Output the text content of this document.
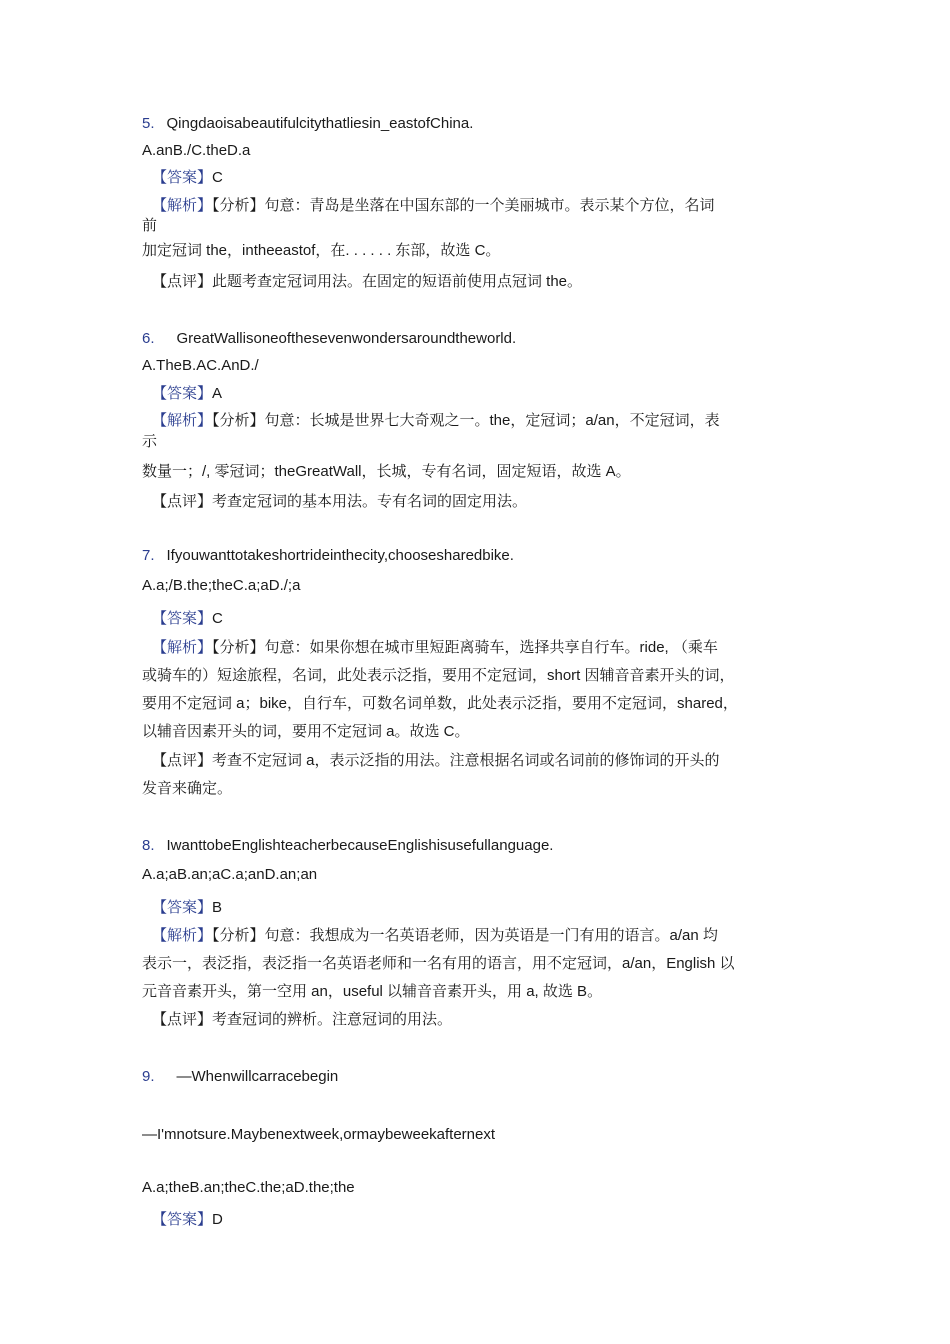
5. Qingdaoisabeautifulcitythatliesin_eastofChina.
A.anB./C.theD.a
【答案】C
【解析】【分析】句意：青岛是坐落在中国东部的一个美丽城市。表示某个方位，名词
前
加定冠词 the，intheeastof，在. . . . . . 东部，故选 C。
【点评】此题考查定冠词用法。在固定的短语前使用点冠词 the。
6. GreatWallisoneofthesevenwondersaroundtheworld.
A.TheB.AC.AnD./
【答案】A
【解析】【分析】句意：长城是世界七大奇观之一。the，定冠词；a/an，不定冠词，表
示
数量一；/, 零冠词；theGreatWall，长城，专有名词，固定短语，故选 A。
【点评】考查定冠词的基本用法。专有名词的固定用法。
7. Ifyouwanttotakeshortrideinthecity,choosesharedbike.
A.a;/B.the;theC.a;aD./;a
【答案】C
【解析】【分析】句意：如果你想在城市里短距离骑车，选择共享自行车。ride, （乘车
或骑车的）短途旅程，名词，此处表示泛指，要用不定冠词，short 因辅音音素开头的词，
要用不定冠词 a；bike，自行车，可数名词单数，此处表示泛指，要用不定冠词，shared，
以辅音因素开头的词，要用不定冠词 a。故选 C。
【点评】考查不定冠词 a，表示泛指的用法。注意根据名词或名词前的修饰词的开头的
发音来确定。
8. IwanttobeEnglishteacherbecauseEnglishisusefullanguage.
A.a;aB.an;aC.a;anD.an;an
【答案】B
【解析】【分析】句意：我想成为一名英语老师，因为英语是一门有用的语言。a/an 均
表示一，表泛指，表泛指一名英语老师和一名有用的语言，用不定冠词，a/an，English 以
元音音素开头，第一空用 an，useful 以辅音音素开头，用 a, 故选 B。
【点评】考查冠词的辨析。注意冠词的用法。
9. —Whenwillcarracebegin
—I'mnotsure.Maybenextweek,ormaybeweekafternext
A.a;theB.an;theC.the;aD.the;the
【答案】D
